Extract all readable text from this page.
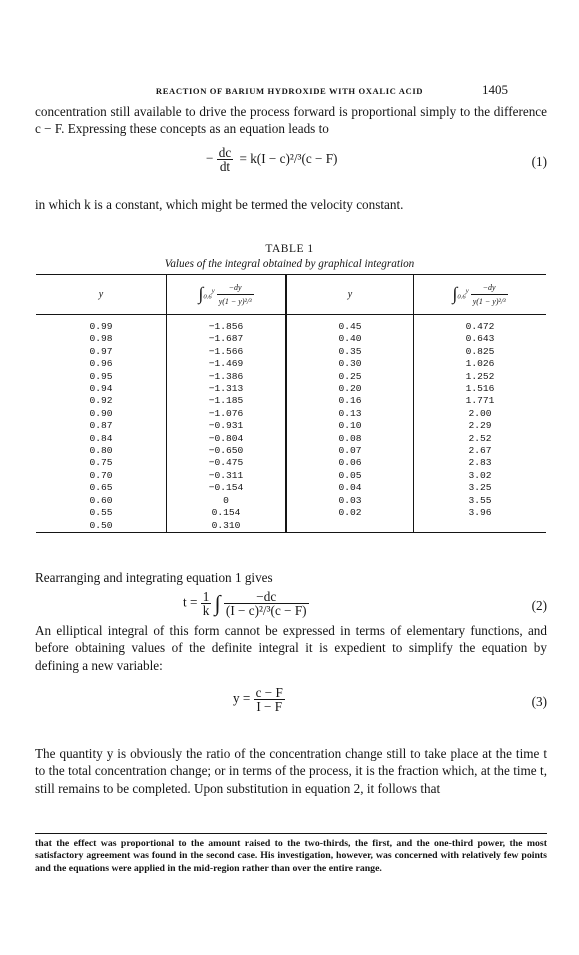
REACTION OF BARIUM HYDROXIDE WITH OXALIC ACID	1405
concentration still available to drive the process forward is proportional simply to the difference c − F. Expressing these concepts as an equation leads to
− $\frac{dc}{dt} = k(I - c)^2/^3(c - F)$	(1)
in which k is a constant, which might be termed the velocity constant.
TABLE 1
Values of the integral obtained by graphical integration
y	$\int_{0.6}^y \frac{-dy}{\text{y(1 − y)²/³}}$	y	$\int_{0.6}^y \frac{-dy}{\text{y(1 − y)²/³}}$

0.99	−1.856	0.45	0.472
0.98	−1.687	0.40	0.643
0.97	−1.566	0.35	0.825
0.96	−1.469	0.30	1.026
0.95	−1.386	0.25	1.252
0.94	−1.313	0.20	1.516
0.92	−1.185	0.16	1.771
0.90	−1.076	0.13	2.00
0.87	−0.931	0.10	2.29
0.84	−0.804	0.08	2.52
0.80	−0.650	0.07	2.67
0.75	−0.475	0.06	2.83
0.70	−0.311	0.05	3.02
0.65	−0.154	0.04	3.25
0.60	0	0.03	3.55
0.55	0.154	0.02	3.96
0.50	0.310		
Rearranging and integrating equation 1 gives
$t = \frac{1}{k}$ ∫ $\frac{-dc}{\text{(I − c)²/³(c − F)}}$	(2)
An elliptical integral of this form cannot be expressed in terms of elementary functions, and before obtaining values of the definite integral it is expedient to simplify the equation by defining a new variable:
$y = \frac{c - F}{I - F}$	(3)
The quantity y is obviously the ratio of the concentration change still to take place at the time t to the total concentration change; or in terms of the process, it is the fraction which, at the time t, still remains to be completed. Upon substitution in equation 2, it follows that
that the effect was proportional to the amount raised to the two-thirds, the first, and the one-third power, the most satisfactory agreement was found in the second case. His investigation, however, was concerned with relatively few points and the equations were applied in the mid-region rather than over the entire range.
